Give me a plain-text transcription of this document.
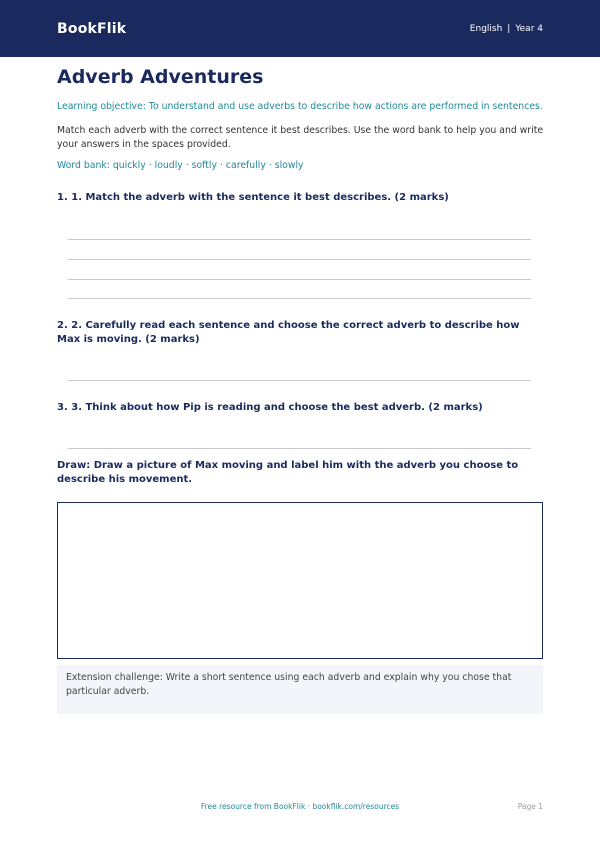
BookFlik	English | Year 4
Adverb Adventures
Learning objective: To understand and use adverbs to describe how actions are performed in sentences.
Match each adverb with the correct sentence it best describes. Use the word bank to help you and write your answers in the spaces provided.
Word bank: quickly · loudly · softly · carefully · slowly
1. 1. Match the adverb with the sentence it best describes. (2 marks)
2. 2. Carefully read each sentence and choose the correct adverb to describe how Max is moving. (2 marks)
3. 3. Think about how Pip is reading and choose the best adverb. (2 marks)
Draw: Draw a picture of Max moving and label him with the adverb you choose to describe his movement.
Extension challenge: Write a short sentence using each adverb and explain why you chose that particular adverb.
Free resource from BookFlik · bookflik.com/resources	Page 1
